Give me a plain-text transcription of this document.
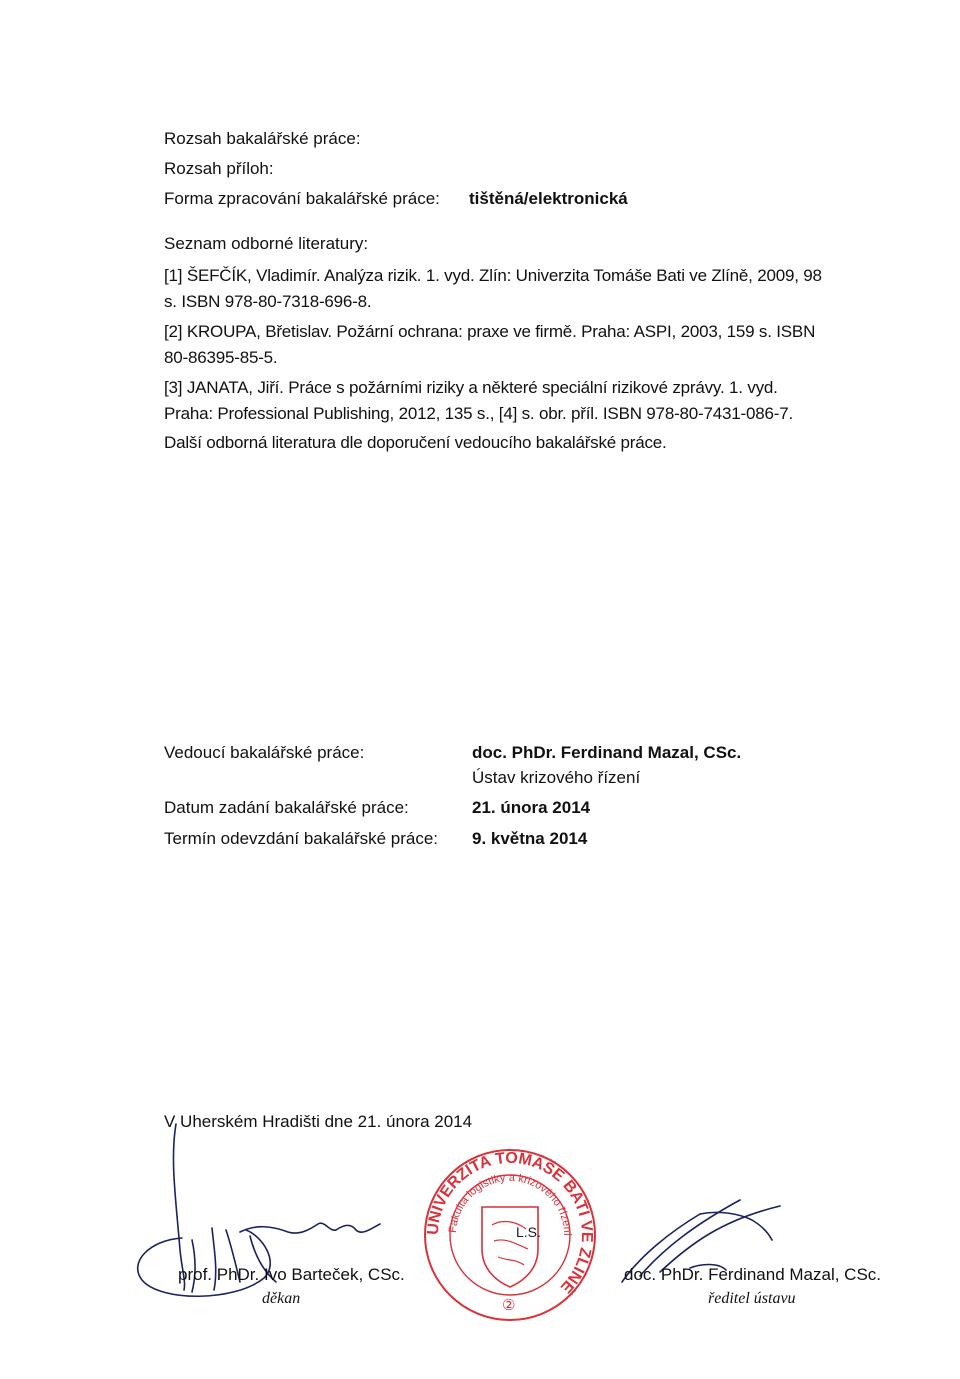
Rozsah bakalářské práce:
Rozsah příloh:
Forma zpracování bakalářské práce: tištěná/elektronická
Seznam odborné literatury:
[1] ŠEFČÍK, Vladimír. Analýza rizik. 1. vyd. Zlín: Univerzita Tomáše Bati ve Zlíně, 2009, 98
s. ISBN 978-80-7318-696-8.
[2] KROUPA, Břetislav. Požární ochrana: praxe ve firmě. Praha: ASPI, 2003, 159 s. ISBN
80-86395-85-5.
[3] JANATA, Jiří. Práce s požárními riziky a některé speciální rizikové zprávy. 1. vyd.
Praha: Professional Publishing, 2012, 135 s., [4] s. obr. příl. ISBN 978-80-7431-086-7.
Další odborná literatura dle doporučení vedoucího bakalářské práce.
Vedoucí bakalářské práce:	doc. PhDr. Ferdinand Mazal, CSc.
Ústav krizového řízení
Datum zadání bakalářské práce:	21. února 2014
Termín odevzdání bakalářské práce: 9. května 2014
V Uherském Hradišti dne 21. února 2014
prof. PhDr. Ivo Barteček, CSc.
děkan
UNIVERZITA TOMÁŠE BATI VE ZLÍNĚ
Fakulta logistiky a krizového řízení
L.S.
②
doc. PhDr. Ferdinand Mazal, CSc.
ředitel ústavu
